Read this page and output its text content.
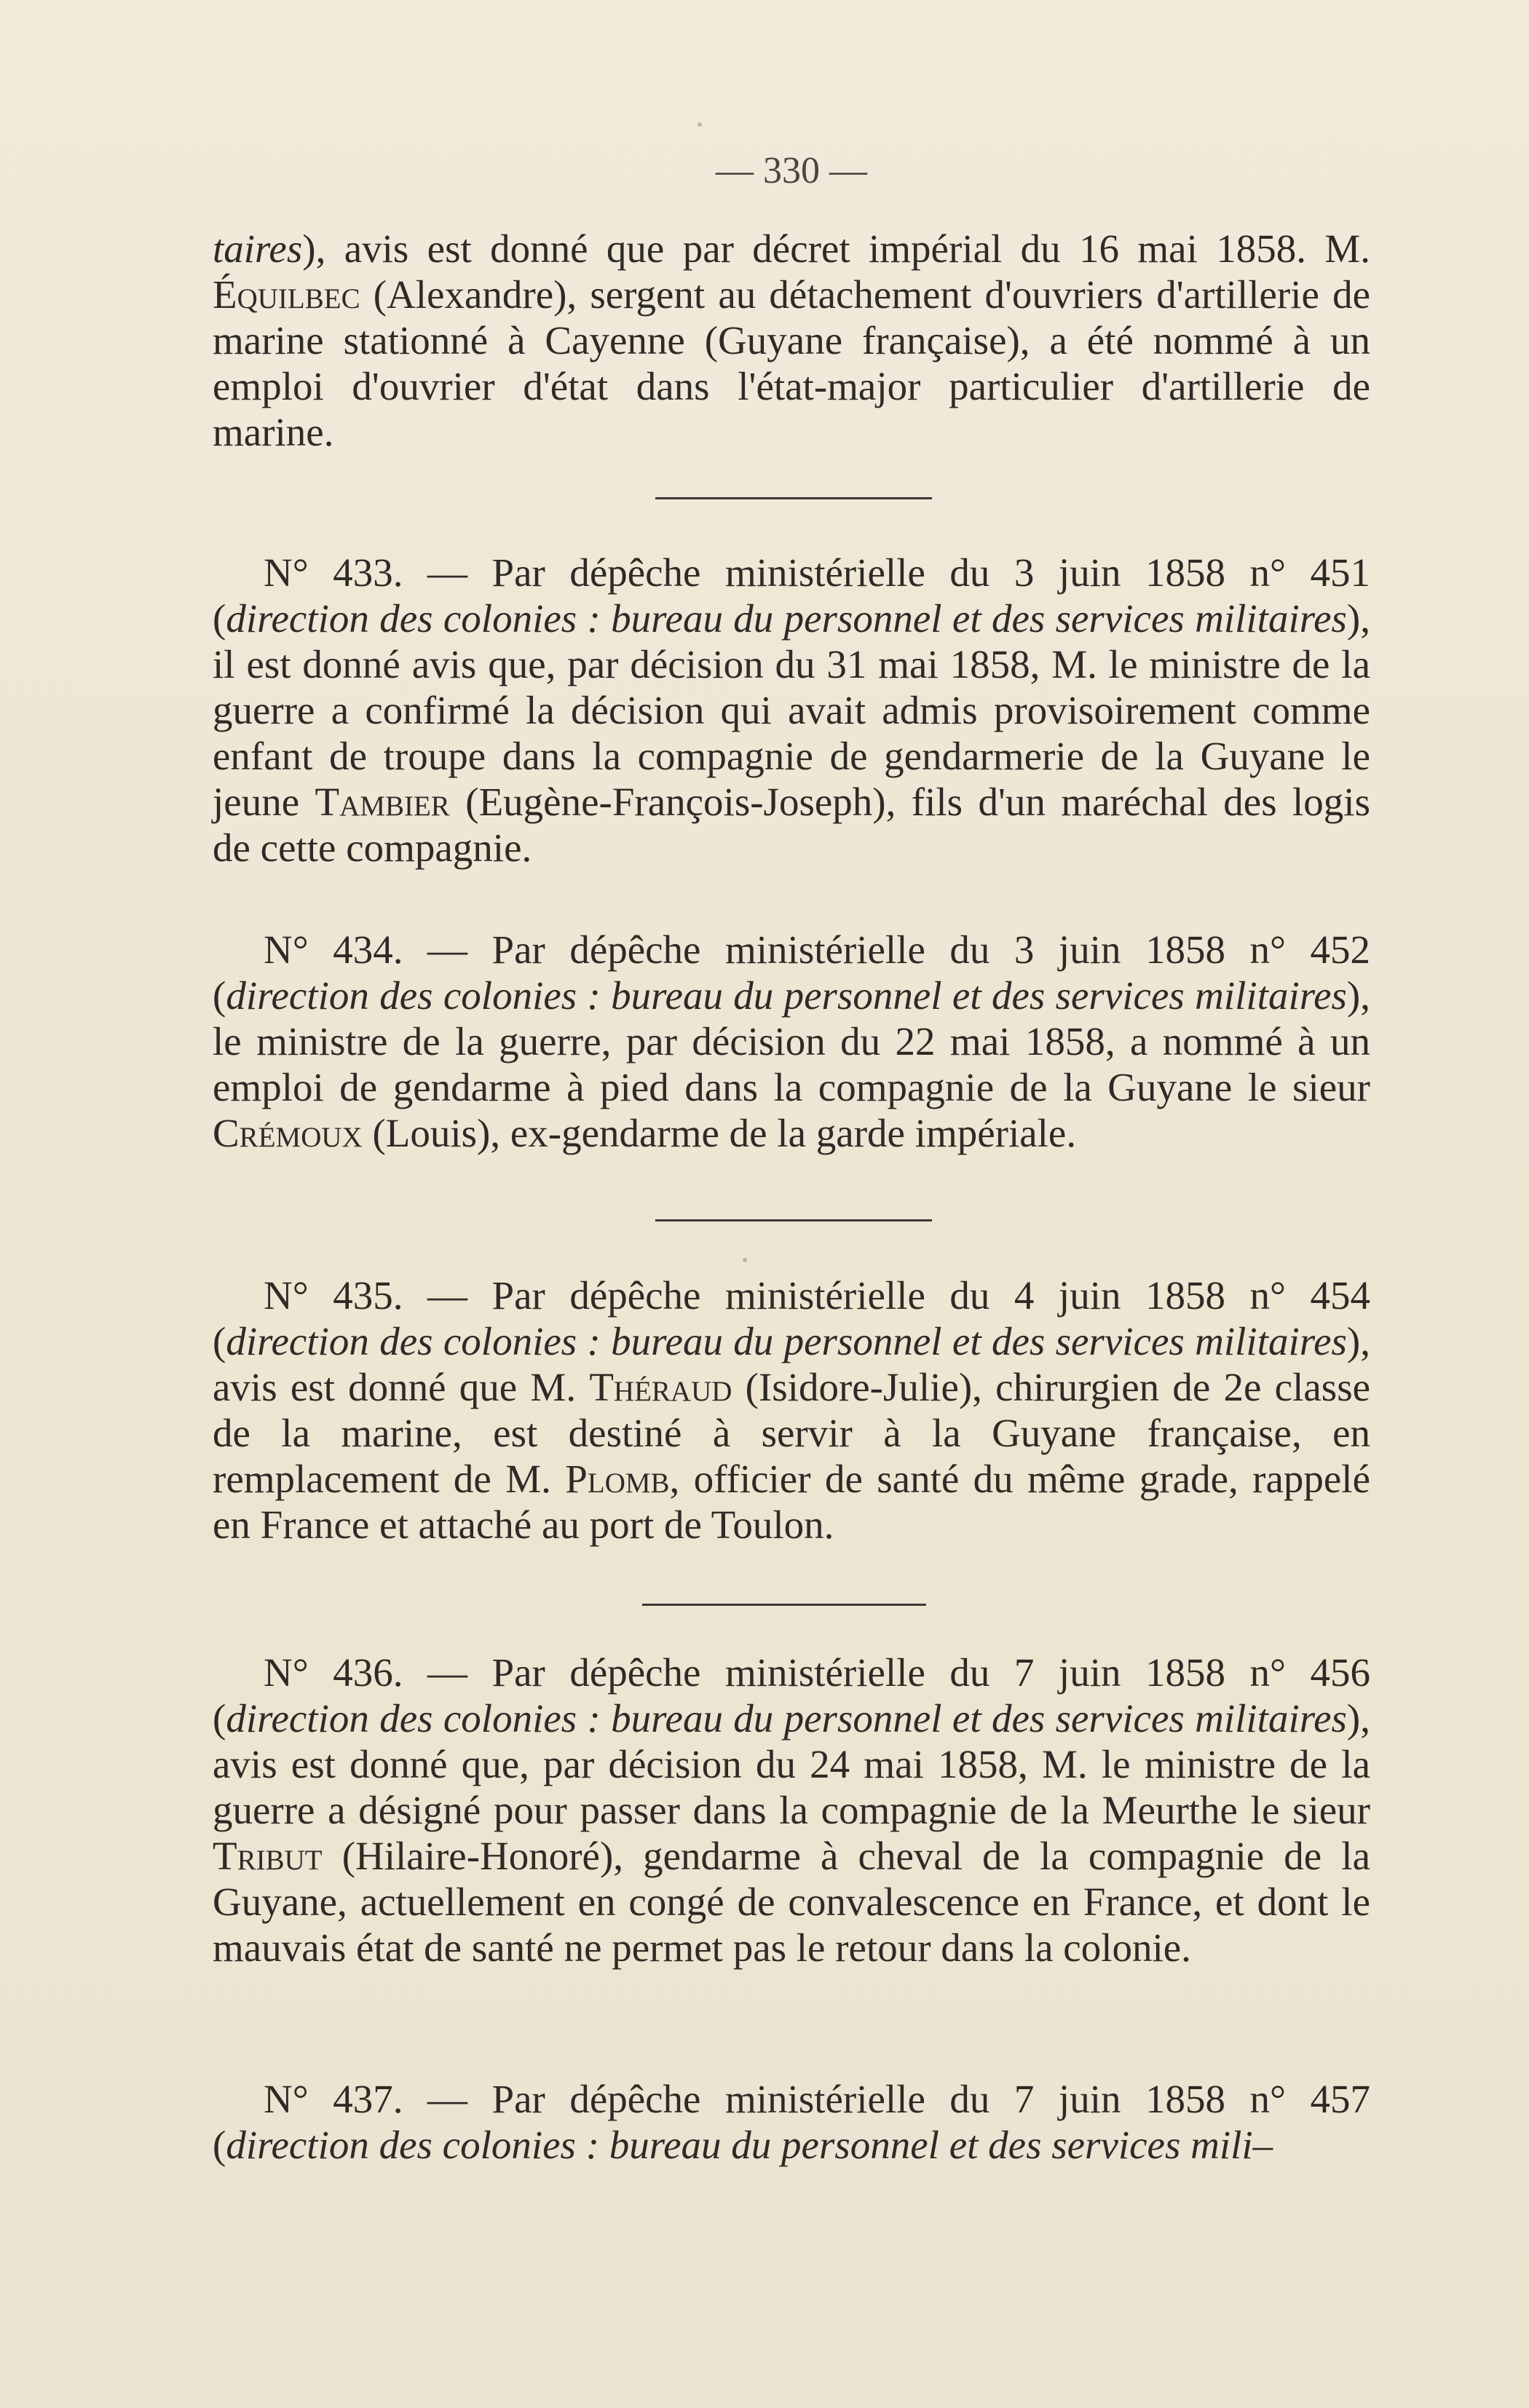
— 330 —

taires), avis est donné que par décret impérial du 16 mai 1858. M. Équilbec (Alexandre), sergent au détachement d'ouvriers d'artillerie de marine stationné à Cayenne (Guyane française), a été nommé à un emploi d'ouvrier d'état dans l'état-major particulier d'artillerie de marine.

N° 433. — Par dépêche ministérielle du 3 juin 1858 n° 451 (direction des colonies : bureau du personnel et des services militaires), il est donné avis que, par décision du 31 mai 1858, M. le ministre de la guerre a confirmé la décision qui avait admis provisoirement comme enfant de troupe dans la compagnie de gendarmerie de la Guyane le jeune Tambier (Eugène-François-Joseph), fils d'un maréchal des logis de cette compagnie.

N° 434. — Par dépêche ministérielle du 3 juin 1858 n° 452 (direction des colonies : bureau du personnel et des services militaires), le ministre de la guerre, par décision du 22 mai 1858, a nommé à un emploi de gendarme à pied dans la compagnie de la Guyane le sieur Crémoux (Louis), ex-gendarme de la garde impériale.

N° 435. — Par dépêche ministérielle du 4 juin 1858 n° 454 (direction des colonies : bureau du personnel et des services militaires), avis est donné que M. Théraud (Isidore-Julie), chirurgien de 2e classe de la marine, est destiné à servir à la Guyane française, en remplacement de M. Plomb, officier de santé du même grade, rappelé en France et attaché au port de Toulon.

N° 436. — Par dépêche ministérielle du 7 juin 1858 n° 456 (direction des colonies : bureau du personnel et des services militaires), avis est donné que, par décision du 24 mai 1858, M. le ministre de la guerre a désigné pour passer dans la compagnie de la Meurthe le sieur Tribut (Hilaire-Honoré), gendarme à cheval de la compagnie de la Guyane, actuellement en congé de convalescence en France, et dont le mauvais état de santé ne permet pas le retour dans la colonie.

N° 437. — Par dépêche ministérielle du 7 juin 1858 n° 457 (direction des colonies : bureau du personnel et des services mili–
